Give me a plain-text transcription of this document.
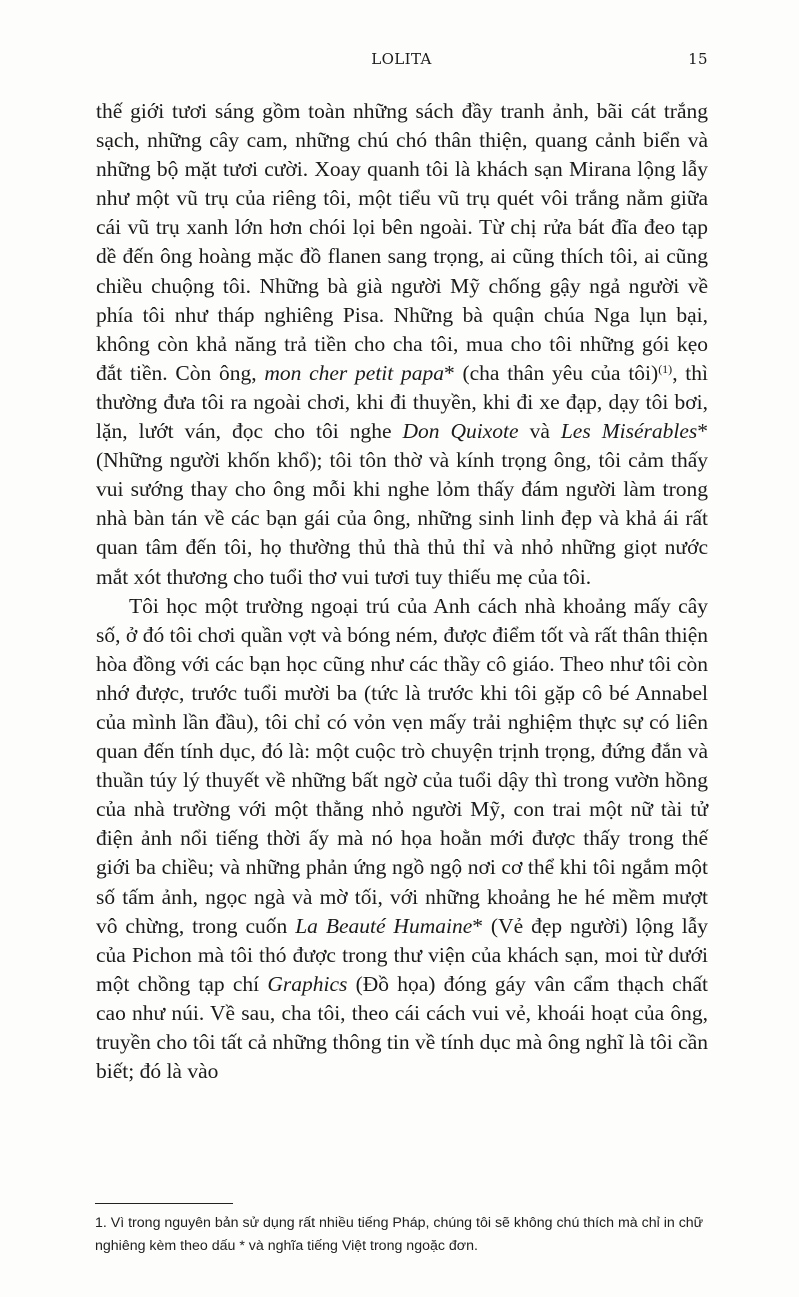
LOLITA	15

thế giới tươi sáng gồm toàn những sách đầy tranh ảnh, bãi cát trắng sạch, những cây cam, những chú chó thân thiện, quang cảnh biển và những bộ mặt tươi cười. Xoay quanh tôi là khách sạn Mirana lộng lẫy như một vũ trụ của riêng tôi, một tiểu vũ trụ quét vôi trắng nằm giữa cái vũ trụ xanh lớn hơn chói lọi bên ngoài. Từ chị rửa bát đĩa đeo tạp dề đến ông hoàng mặc đồ flanen sang trọng, ai cũng thích tôi, ai cũng chiều chuộng tôi. Những bà già người Mỹ chống gậy ngả người về phía tôi như tháp nghiêng Pisa. Những bà quận chúa Nga lụn bại, không còn khả năng trả tiền cho cha tôi, mua cho tôi những gói kẹo đắt tiền. Còn ông, mon cher petit papa* (cha thân yêu của tôi)$^{(1)}$, thì thường đưa tôi ra ngoài chơi, khi đi thuyền, khi đi xe đạp, dạy tôi bơi, lặn, lướt ván, đọc cho tôi nghe Don Quixote và Les Misérables* (Những người khốn khổ); tôi tôn thờ và kính trọng ông, tôi cảm thấy vui sướng thay cho ông mỗi khi nghe lỏm thấy đám người làm trong nhà bàn tán về các bạn gái của ông, những sinh linh đẹp và khả ái rất quan tâm đến tôi, họ thường thủ thà thủ thỉ và nhỏ những giọt nước mắt xót thương cho tuổi thơ vui tươi tuy thiếu mẹ của tôi.

Tôi học một trường ngoại trú của Anh cách nhà khoảng mấy cây số, ở đó tôi chơi quần vợt và bóng ném, được điểm tốt và rất thân thiện hòa đồng với các bạn học cũng như các thầy cô giáo. Theo như tôi còn nhớ được, trước tuổi mười ba (tức là trước khi tôi gặp cô bé Annabel của mình lần đầu), tôi chỉ có vỏn vẹn mấy trải nghiệm thực sự có liên quan đến tính dục, đó là: một cuộc trò chuyện trịnh trọng, đứng đắn và thuần túy lý thuyết về những bất ngờ của tuổi dậy thì trong vườn hồng của nhà trường với một thằng nhỏ người Mỹ, con trai một nữ tài tử điện ảnh nổi tiếng thời ấy mà nó họa hoằn mới được thấy trong thế giới ba chiều; và những phản ứng ngồ ngộ nơi cơ thể khi tôi ngắm một số tấm ảnh, ngọc ngà và mờ tối, với những khoảng he hé mềm mượt vô chừng, trong cuốn La Beauté Humaine* (Vẻ đẹp người) lộng lẫy của Pichon mà tôi thó được trong thư viện của khách sạn, moi từ dưới một chồng tạp chí Graphics (Đồ họa) đóng gáy vân cẩm thạch chất cao như núi. Về sau, cha tôi, theo cái cách vui vẻ, khoái hoạt của ông, truyền cho tôi tất cả những thông tin về tính dục mà ông nghĩ là tôi cần biết; đó là vào

1. Vì trong nguyên bản sử dụng rất nhiều tiếng Pháp, chúng tôi sẽ không chú thích mà chỉ in chữ nghiêng kèm theo dấu * và nghĩa tiếng Việt trong ngoặc đơn.
